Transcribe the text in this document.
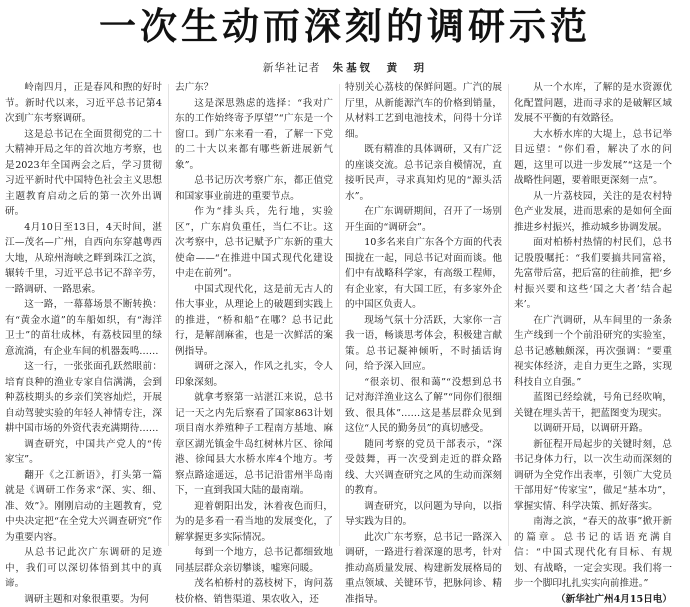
一次生动而深刻的调研示范
新华社记者 朱基钗　黄　玥

岭南四月，正是春风和煦的好时节。新时代以来，习近平总书记第4次到广东考察调研。

这是总书记在全面贯彻党的二十大精神开局之年的首次地方考察，也是2023年全国两会之后，学习贯彻习近平新时代中国特色社会主义思想主题教育启动之后的第一次外出调研。

4月10日至13日，4天时间，湛江—茂名—广州，自西向东穿越粤西大地，从琼州海峡之畔到珠江之滨，辗转千里，习近平总书记不辞辛劳，一路调研、一路思索。

这一路，一幕幕场景不断转换：有“黄金水道”的车船如织，有“海洋卫士”的苗壮成林，有荔枝园里的绿意流淌，有企业车间的机器轰鸣……

这一行，一张张面孔跃然眼前：培育良种的渔业专家自信满满，会到种荔枝期头的乡亲们笑容灿烂，开展自动驾驶实验的年轻人神情专注，深耕中国市场的外资代表充满期待……

调查研究，中国共产党人的“传家宝”。

翻开《之江新语》，打头第一篇就是《调研工作务求“深、实、细、准、效”》。刚刚启动的主题教育，党中央决定把“在全党大兴调查研究”作为重要内容。

从总书记此次广东调研的足迹中，我们可以深切体悟到其中的真谛。

调研主题和对象很重要。为何

去广东？

这是深思熟虑的选择：“我对广东的工作始终寄予厚望”“广东是一个窗口。到广东来看一看，了解一下党的二十大以来都有哪些新进展新气象”。

总书记历次考察广东，都正值党和国家事业前进的重要节点。

作为“排头兵，先行地，实验区”，广东肩负重任，当仁不让。这次考察中，总书记赋予广东新的重大使命——“在推进中国式现代化建设中走在前列”。

中国式现代化，这是前无古人的伟大事业，从理论上的破题到实践上的推进，“桥和船”在哪？总书记此行，是解剖麻雀，也是一次鲜活的案例指导。

调研之深入，作风之扎实，令人印象深刻。

就拿考察第一站湛江来说，总书记一天之内先后察看了国家863计划项目南水养殖种子工程南方基地、麻章区湖光镇金牛岛红树林片区、徐闻港、徐闻县大水桥水库4个地方。考察点路途遥远，总书记沿雷州半岛南下，一直到我国大陆的最南端。

迎着朝阳出发，沐着夜色而归，为的是多看一看当地的发展变化，了解掌握更多实际情况。

每到一个地方，总书记都细致地同基层群众亲切攀谈，嘘寒问暖。

茂名柏桥村的荔枝树下，询问荔枝价格、销售渠道、果农收入，还

特别关心荔枝的保鲜问题。广汽的展厅里，从新能源汽车的价格到销量，从材料工艺到电池技术，问得十分详细。

既有精准的具体调研，又有广泛的座谈交流。总书记亲自模情况，直接听民声，寻求真知灼见的“源头活水”。

在广东调研期间，召开了一场别开生面的“调研会”。

10多名来自广东各个方面的代表围拢在一起，同总书记对面而谈。他们中有战略科学家，有高级工程师，有企业家，有大国工匠，有多家外企的中国区负责人。

现场气氛十分活跃，大家你一言我一语，畅谈思考体会，积极建言献策。总书记凝神倾听，不时插话询问，给予深入回应。

“很亲切、很和蔼”“没想到总书记对海洋渔业这么了解”“同你们很细致、很具体”……这是基层群众见到这位“人民的勤务员”的真切感受。

随同考察的党员干部表示，“深受鼓舞，再一次受到走近的群众路线、大兴调查研究之风的生动而深刻的教育。

调查研究，以问题为导向，以指导实践为目的。

此次广东考察，总书记一路深入调研，一路进行着深邃的思考，针对推动高质量发展、构建新发展格局的重点领域、关键环节，把脉问诊、精准指导。

从一个水库，了解的是水资源优化配置问题，进而寻求的是破解区域发展不平衡的有效路径。

大水桥水库的大堤上，总书记举目远望：“你们看，解决了水的问题，这里可以进一步发展”“这是一个战略性问题，要着眼更深刻一点”。

从一片荔枝园，关注的是农村特色产业发展，进而思索的是如何全面推进乡村振兴，推动城乡协调发展。

面对柏桥村热情的村民们，总书记殷殷嘱托：“我们要搞共同富裕，先富带后富，把后富的往前推，把‘乡村振兴要和这些‘国之大者’结合起来’。

在广汽调研，从车间里的一条条生产线到一个个前沿研究的实验室，总书记感触颇深，再次强调：“要重视实体经济，走自力更生之路，实现科技自立自强。”

蓝图已经绘就，号角已经吹响，关键在埋头苦干，把蓝图变为现实。

以调研开局，以调研开路。

新征程开局起步的关键时刻，总书记身体力行，以一次生动而深刻的调研为全党作出表率，引领广大党员干部用好“传家宝”，做足“基本功”，掌握实情、科学决策、抓好落实。

南海之滨，“春天的故事”掀开新的篇章。总书记的话语充满自信：“中国式现代化有目标、有规划、有战略，一定会实现。我们将一步一个脚印扎扎实实向前推进。”

（新华社广州4月15日电）
